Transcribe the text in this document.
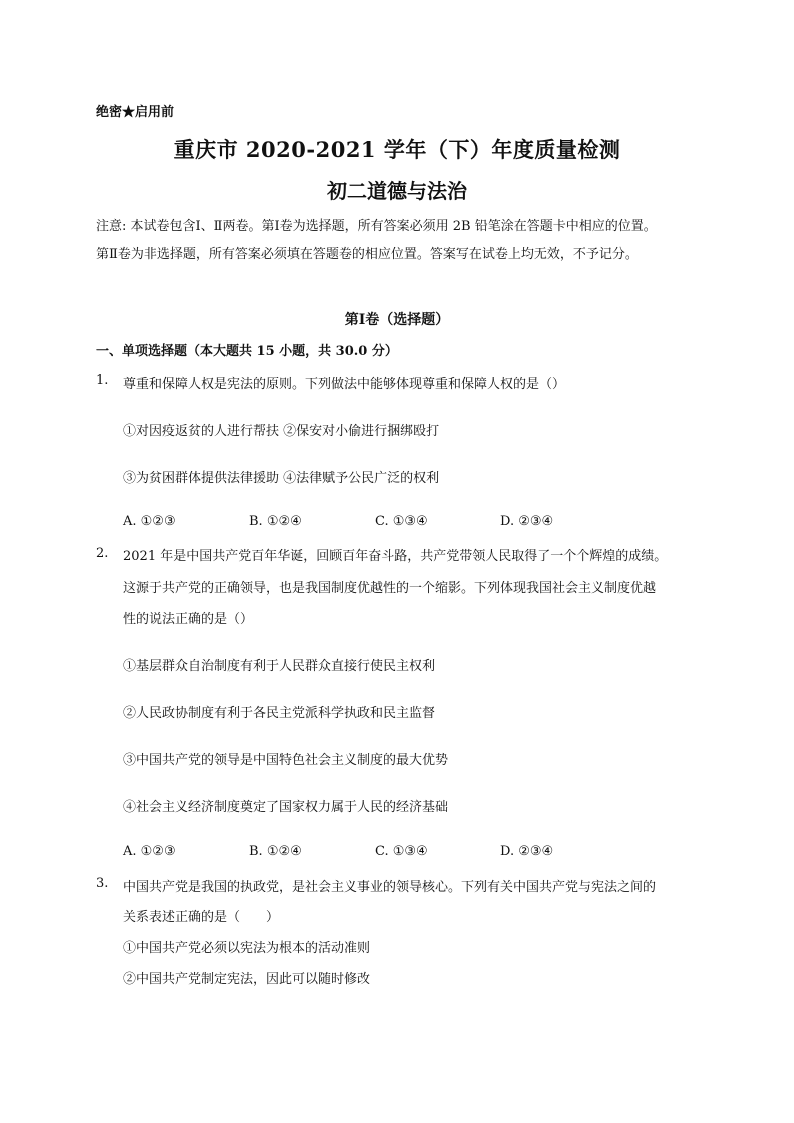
绝密★启用前
重庆市 2020-2021 学年（下）年度质量检测
初二道德与法治
注意: 本试卷包含Ⅰ、Ⅱ两卷。第Ⅰ卷为选择题，所有答案必须用 2B 铅笔涂在答题卡中相应的位置。
第Ⅱ卷为非选择题，所有答案必须填在答题卷的相应位置。答案写在试卷上均无效，不予记分。
第Ⅰ卷（选择题）
一、单项选择题（本大题共 15 小题，共 30.0 分）
1. 尊重和保障人权是宪法的原则。下列做法中能够体现尊重和保障人权的是（）
①对因疫返贫的人进行帮扶 ②保安对小偷进行捆绑殴打
③为贫困群体提供法律援助 ④法律赋予公民广泛的权利
A. ①②③	B. ①②④	C. ①③④	D. ②③④
2. 2021 年是中国共产党百年华诞，回顾百年奋斗路，共产党带领人民取得了一个个辉煌的成绩。
这源于共产党的正确领导，也是我国制度优越性的一个缩影。下列体现我国社会主义制度优越
性的说法正确的是（）
①基层群众自治制度有利于人民群众直接行使民主权利
②人民政协制度有利于各民主党派科学执政和民主监督
③中国共产党的领导是中国特色社会主义制度的最大优势
④社会主义经济制度奠定了国家权力属于人民的经济基础
A. ①②③	B. ①②④	C. ①③④	D. ②③④
3. 中国共产党是我国的执政党，是社会主义事业的领导核心。下列有关中国共产党与宪法之间的
关系表述正确的是（　　）
①中国共产党必须以宪法为根本的活动准则
②中国共产党制定宪法，因此可以随时修改
